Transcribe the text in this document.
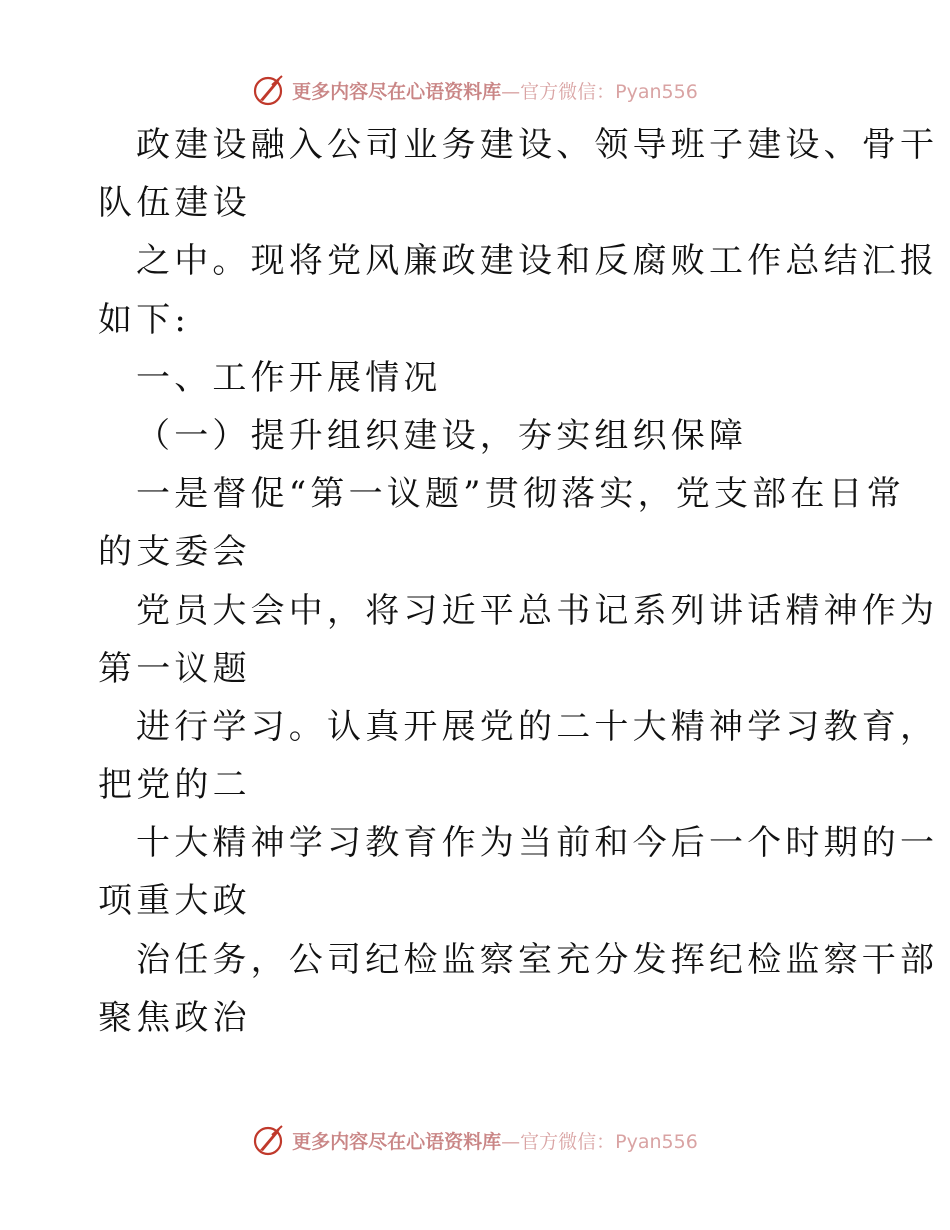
更多内容尽在心语资料库—官方微信：Pyan556
政建设融入公司业务建设、领导班子建设、骨干
队伍建设
之中。现将党风廉政建设和反腐败工作总结汇报
如下:
一、工作开展情况
（一）提升组织建设，夯实组织保障
一是督促“第一议题”贯彻落实，党支部在日常
的支委会
党员大会中，将习近平总书记系列讲话精神作为
第一议题
进行学习。认真开展党的二十大精神学习教育，
把党的二
十大精神学习教育作为当前和今后一个时期的一
项重大政
治任务，公司纪检监察室充分发挥纪检监察干部
聚焦政治
更多内容尽在心语资料库—官方微信：Pyan556
